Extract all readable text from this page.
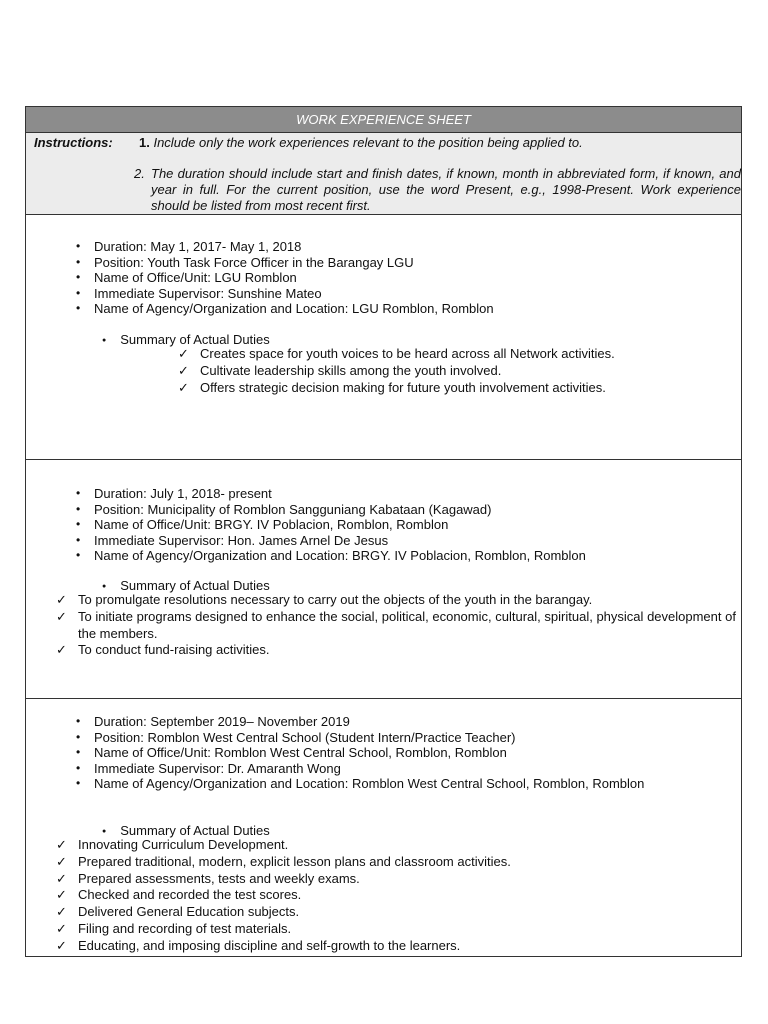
WORK EXPERIENCE SHEET
Instructions: 1. Include only the work experiences relevant to the position being applied to.
2. The duration should include start and finish dates, if known, month in abbreviated form, if known, and year in full. For the current position, use the word Present, e.g., 1998-Present. Work experience should be listed from most recent first.
• Duration: May 1, 2017- May 1, 2018
• Position: Youth Task Force Officer in the Barangay LGU
• Name of Office/Unit: LGU Romblon
• Immediate Supervisor: Sunshine Mateo
• Name of Agency/Organization and Location: LGU Romblon, Romblon
● Summary of Actual Duties
✓ Creates space for youth voices to be heard across all Network activities.
✓ Cultivate leadership skills among the youth involved.
✓ Offers strategic decision making for future youth involvement activities.
• Duration: July 1, 2018- present
• Position: Municipality of Romblon Sangguniang Kabataan (Kagawad)
• Name of Office/Unit: BRGY. IV Poblacion, Romblon, Romblon
• Immediate Supervisor: Hon. James Arnel De Jesus
• Name of Agency/Organization and Location: BRGY. IV Poblacion, Romblon, Romblon
● Summary of Actual Duties
✓ To promulgate resolutions necessary to carry out the objects of the youth in the barangay.
✓ To initiate programs designed to enhance the social, political, economic, cultural, spiritual, physical development of the members.
✓ To conduct fund-raising activities.
• Duration: September 2019– November 2019
• Position: Romblon West Central School (Student Intern/Practice Teacher)
• Name of Office/Unit: Romblon West Central School, Romblon, Romblon
• Immediate Supervisor: Dr. Amaranth Wong
• Name of Agency/Organization and Location: Romblon West Central School, Romblon, Romblon
● Summary of Actual Duties
✓ Innovating Curriculum Development.
✓ Prepared traditional, modern, explicit lesson plans and classroom activities.
✓ Prepared assessments, tests and weekly exams.
✓ Checked and recorded the test scores.
✓ Delivered General Education subjects.
✓ Filing and recording of test materials.
✓ Educating, and imposing discipline and self-growth to the learners.
